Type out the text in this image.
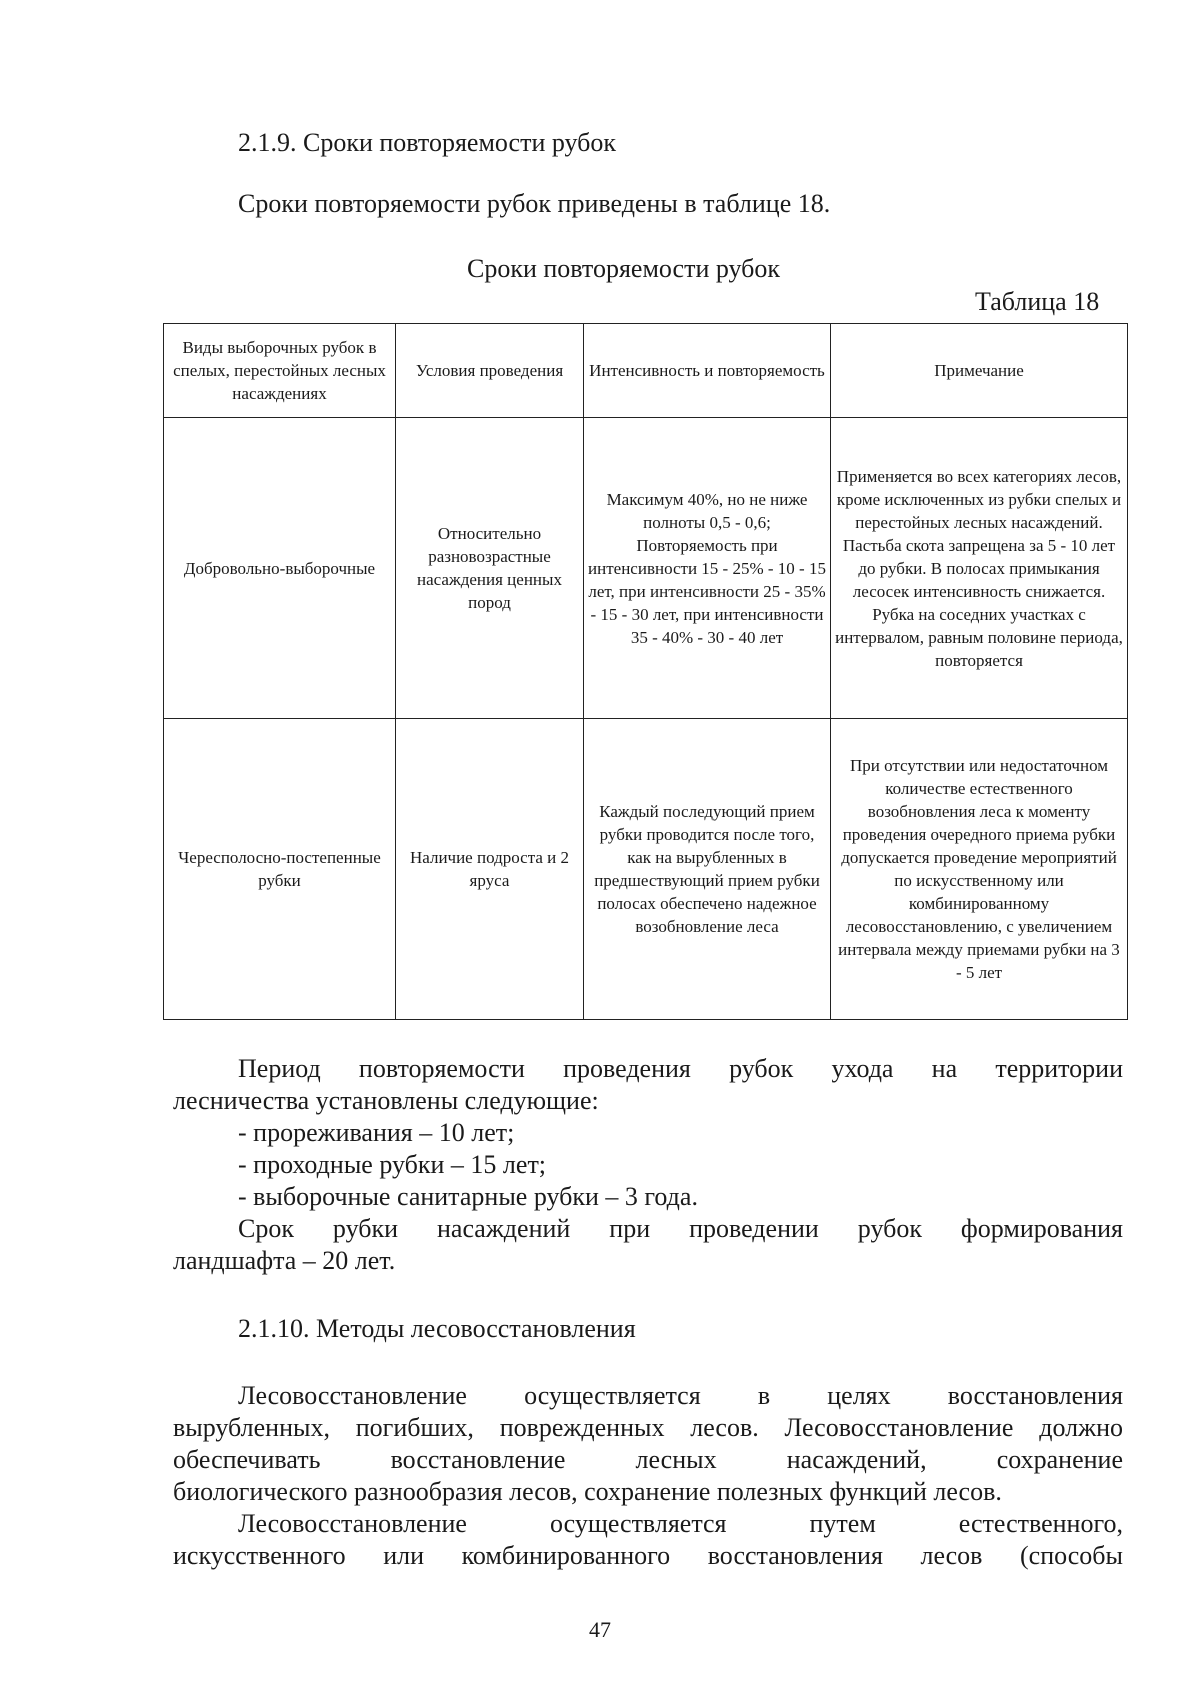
2.1.9. Сроки повторяемости рубок
Сроки повторяемости рубок приведены в таблице 18.
Сроки повторяемости рубок
Таблица 18
Виды выборочных рубок в спелых, перестойных лесных насаждениях	Условия проведения	Интенсивность и повторяемость	Примечание
Добровольно-выборочные	Относительно разновозрастные насаждения ценных пород	Максимум 40%, но не ниже полноты 0,5 - 0,6; Повторяемость при интенсивности 15 - 25% - 10 - 15 лет, при интенсивности 25 - 35% - 15 - 30 лет, при интенсивности 35 - 40% - 30 - 40 лет	Применяется во всех категориях лесов, кроме исключенных из рубки спелых и перестойных лесных насаждений. Пастьба скота запрещена за 5 - 10 лет до рубки. В полосах примыкания лесосек интенсивность снижается. Рубка на соседних участках с интервалом, равным половине периода, повторяется
Чересполосно-постепенные рубки	Наличие подроста и 2 яруса	Каждый последующий прием рубки проводится после того, как на вырубленных в предшествующий прием рубки полосах обеспечено надежное возобновление леса	При отсутствии или недостаточном количестве естественного возобновления леса к моменту проведения очередного приема рубки допускается проведение мероприятий по искусственному или комбинированному лесовосстановлению, с увеличением интервала между приемами рубки на 3 - 5 лет
Период повторяемости проведения рубок ухода на территории
лесничества установлены следующие:
- прореживания – 10 лет;
- проходные рубки – 15 лет;
- выборочные санитарные рубки – 3 года.
Срок рубки насаждений при проведении рубок формирования
ландшафта – 20 лет.
2.1.10. Методы лесовосстановления
Лесовосстановление осуществляется в целях восстановления
вырубленных, погибших, поврежденных лесов. Лесовосстановление должно
обеспечивать восстановление лесных насаждений, сохранение
биологического разнообразия лесов, сохранение полезных функций лесов.
Лесовосстановление осуществляется путем естественного,
искусственного или комбинированного восстановления лесов (способы
47
